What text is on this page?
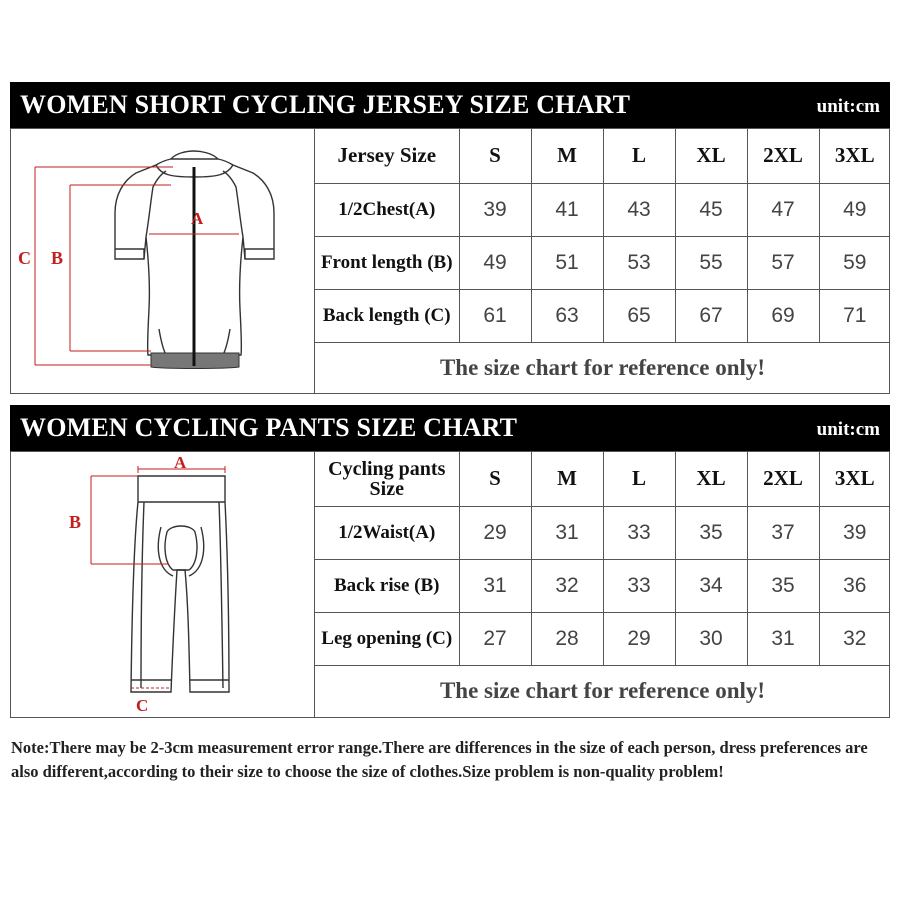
WOMEN SHORT CYCLING JERSEY SIZE CHART	unit:cm
A
C B
Jersey Size	S	M	L	XL	2XL	3XL
1/2Chest(A)	39	41	43	45	47	49
Front length (B)	49	51	53	55	57	59
Back length (C)	61	63	65	67	69	71
The size chart for reference only!						
WOMEN CYCLING PANTS SIZE CHART	unit:cm
A
B
C
Cycling pants Size	S	M	L	XL	2XL	3XL
1/2Waist(A)	29	31	33	35	37	39
Back rise (B)	31	32	33	34	35	36
Leg opening (C)	27	28	29	30	31	32
The size chart for reference only!						
Note:There may be 2-3cm measurement error range.There are differences in the size of each person, dress preferences are also different,according to their size to choose the size of clothes.Size problem is non-quality problem!
